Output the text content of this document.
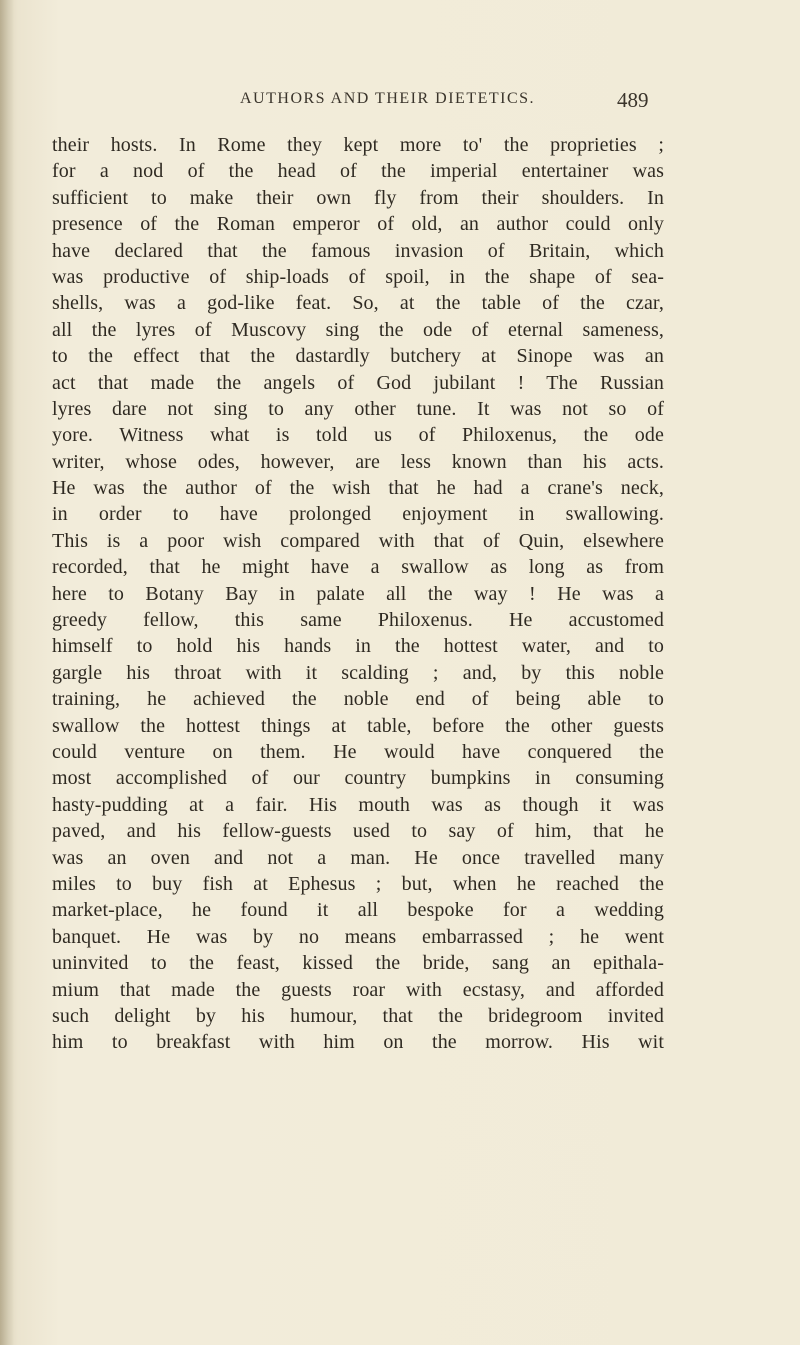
AUTHORS AND THEIR DIETETICS.	489
their hosts. In Rome they kept more to' the proprieties ;
for a nod of the head of the imperial entertainer was
sufficient to make their own fly from their shoulders. In
presence of the Roman emperor of old, an author could only
have declared that the famous invasion of Britain, which
was productive of ship-loads of spoil, in the shape of sea-
shells, was a god-like feat. So, at the table of the czar,
all the lyres of Muscovy sing the ode of eternal sameness,
to the effect that the dastardly butchery at Sinope was an
act that made the angels of God jubilant ! The Russian
lyres dare not sing to any other tune. It was not so of
yore. Witness what is told us of Philoxenus, the ode
writer, whose odes, however, are less known than his acts.
He was the author of the wish that he had a crane's neck,
in order to have prolonged enjoyment in swallowing.
This is a poor wish compared with that of Quin, elsewhere
recorded, that he might have a swallow as long as from
here to Botany Bay in palate all the way ! He was a
greedy fellow, this same Philoxenus. He accustomed
himself to hold his hands in the hottest water, and to
gargle his throat with it scalding ; and, by this noble
training, he achieved the noble end of being able to
swallow the hottest things at table, before the other guests
could venture on them. He would have conquered the
most accomplished of our country bumpkins in consuming
hasty-pudding at a fair. His mouth was as though it was
paved, and his fellow-guests used to say of him, that he
was an oven and not a man. He once travelled many
miles to buy fish at Ephesus ; but, when he reached the
market-place, he found it all bespoke for a wedding
banquet. He was by no means embarrassed ; he went
uninvited to the feast, kissed the bride, sang an epithala-
mium that made the guests roar with ecstasy, and afforded
such delight by his humour, that the bridegroom invited
him to breakfast with him on the morrow. His wit
